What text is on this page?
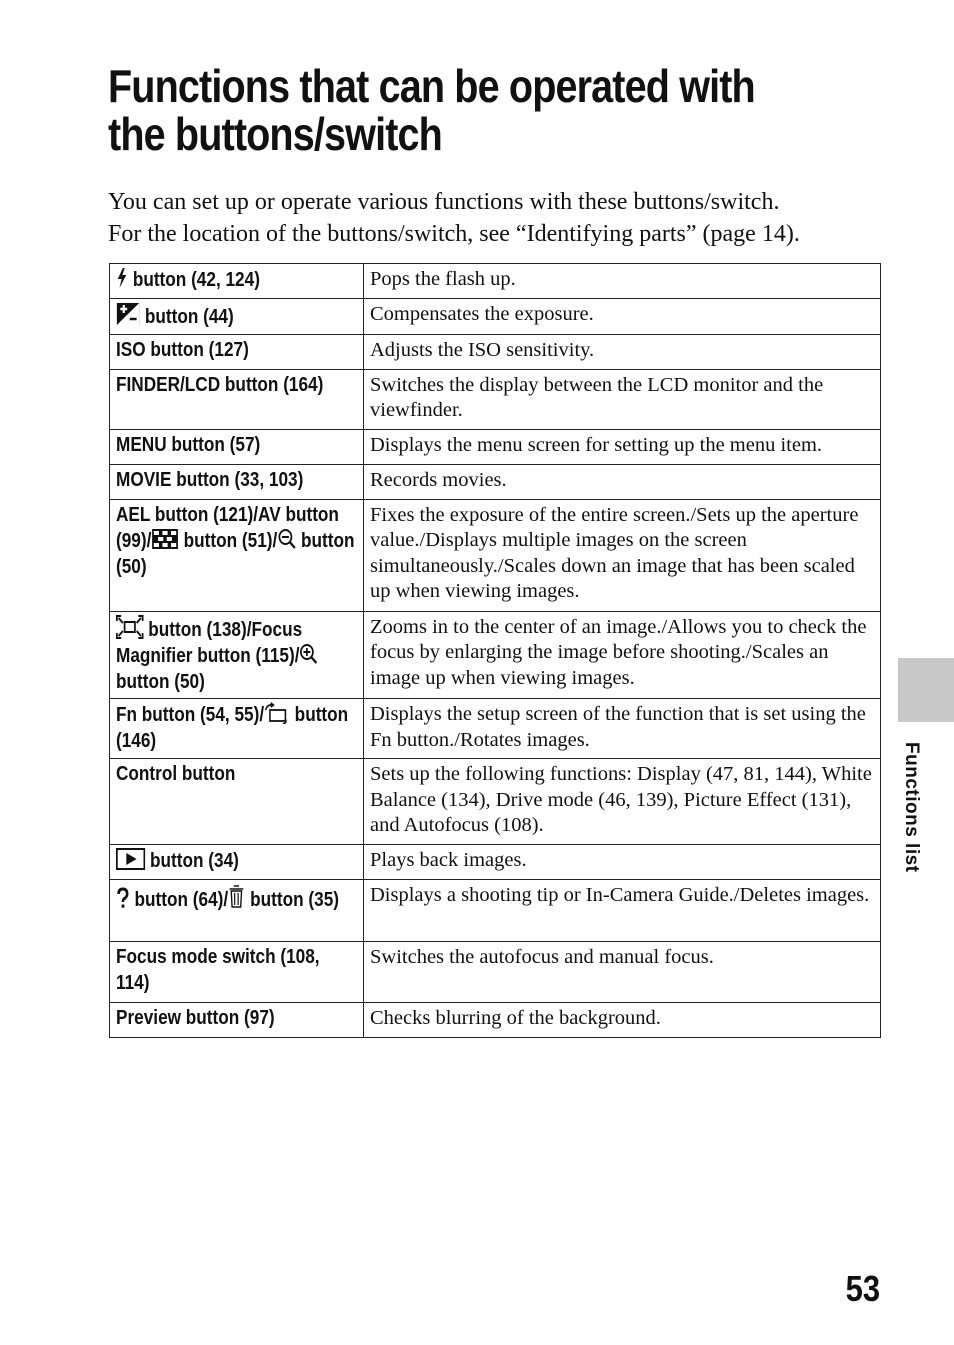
Functions that can be operated with
the buttons/switch

You can set up or operate various functions with these buttons/switch.

For the location of the buttons/switch, see “Identifying parts” (page 14).

button (42, 124)	Pops the flash up.
button (44)	Compensates the exposure.
ISO button (127)	Adjusts the ISO sensitivity.
FINDER/LCD button (164)	Switches the display between the LCD monitor and the viewfinder.
MENU button (57)	Displays the menu screen for setting up the menu item.
MOVIE button (33, 103)	Records movies.
AEL button (121)/AV button (99)/ button (51)/ button (50)	Fixes the exposure of the entire screen./Sets up the aperture value./Displays multiple images on the screen simultaneously./Scales down an image that has been scaled up when viewing images.
button (138)/Focus Magnifier button (115)/ button (50)	Zooms in to the center of an image./Allows you to check the focus by enlarging the image before shooting./Scales an image up when viewing images.
Fn button (54, 55)/ button (146)	Displays the setup screen of the function that is set using the Fn button./Rotates images.
Control button	Sets up the following functions: Display (47, 81, 144), White Balance (134), Drive mode (46, 139), Picture Effect (131), and Autofocus (108).
button (34)	Plays back images.
button (64)/ button (35)	Displays a shooting tip or In-Camera Guide./Deletes images.
Focus mode switch (108, 114)	Switches the autofocus and manual focus.
Preview button (97)	Checks blurring of the background.
Functions list
53
